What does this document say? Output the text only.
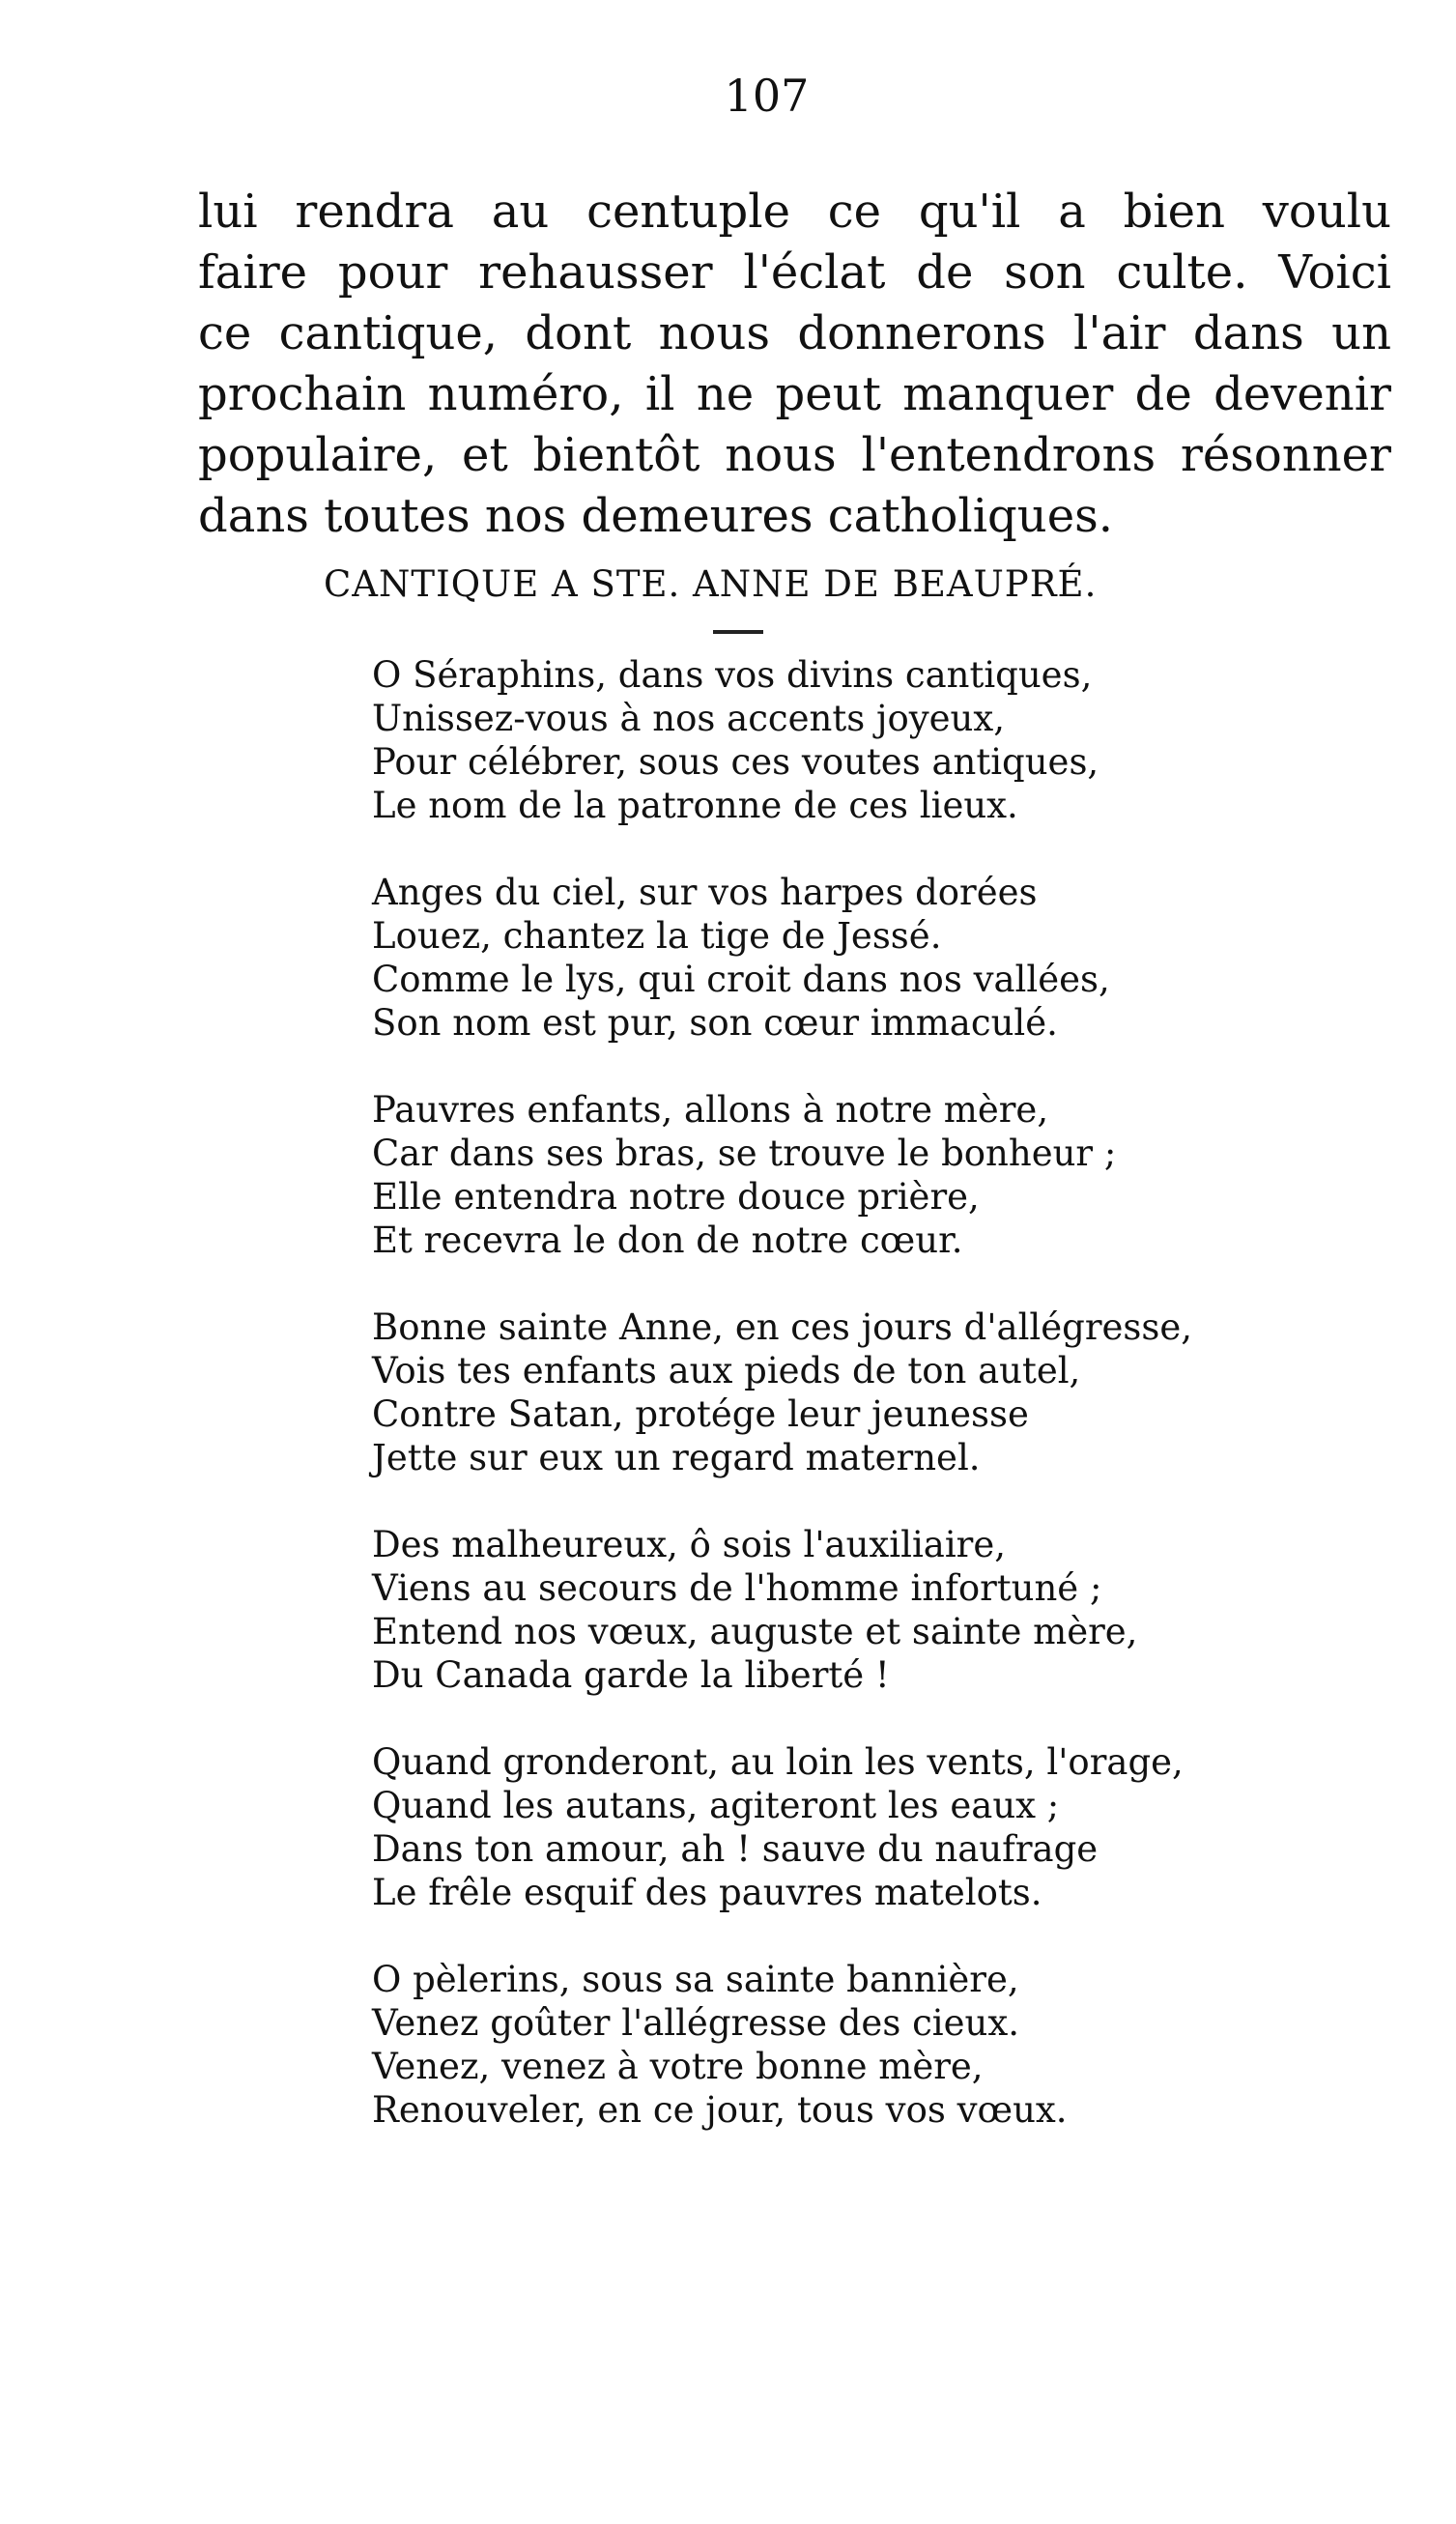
107
lui rendra au centuple ce qu'il a bien voulu
faire pour rehausser l'éclat de son culte. Voici
ce cantique, dont nous donnerons l'air dans un
prochain numéro, il ne peut manquer de devenir
populaire, et bientôt nous l'entendrons résonner
dans toutes nos demeures catholiques.
CANTIQUE A STE. ANNE DE BEAUPRÉ.
O Séraphins, dans vos divins cantiques,
Unissez-vous à nos accents joyeux,
Pour célébrer, sous ces voutes antiques,
Le nom de la patronne de ces lieux.
Anges du ciel, sur vos harpes dorées
Louez, chantez la tige de Jessé.
Comme le lys, qui croit dans nos vallées,
Son nom est pur, son cœur immaculé.
Pauvres enfants, allons à notre mère,
Car dans ses bras, se trouve le bonheur ;
Elle entendra notre douce prière,
Et recevra le don de notre cœur.
Bonne sainte Anne, en ces jours d'allégresse,
Vois tes enfants aux pieds de ton autel,
Contre Satan, protége leur jeunesse
Jette sur eux un regard maternel.
Des malheureux, ô sois l'auxiliaire,
Viens au secours de l'homme infortuné ;
Entend nos vœux, auguste et sainte mère,
Du Canada garde la liberté !
Quand gronderont, au loin les vents, l'orage,
Quand les autans, agiteront les eaux ;
Dans ton amour, ah ! sauve du naufrage
Le frêle esquif des pauvres matelots.
O pèlerins, sous sa sainte bannière,
Venez goûter l'allégresse des cieux.
Venez, venez à votre bonne mère,
Renouveler, en ce jour, tous vos vœux.
